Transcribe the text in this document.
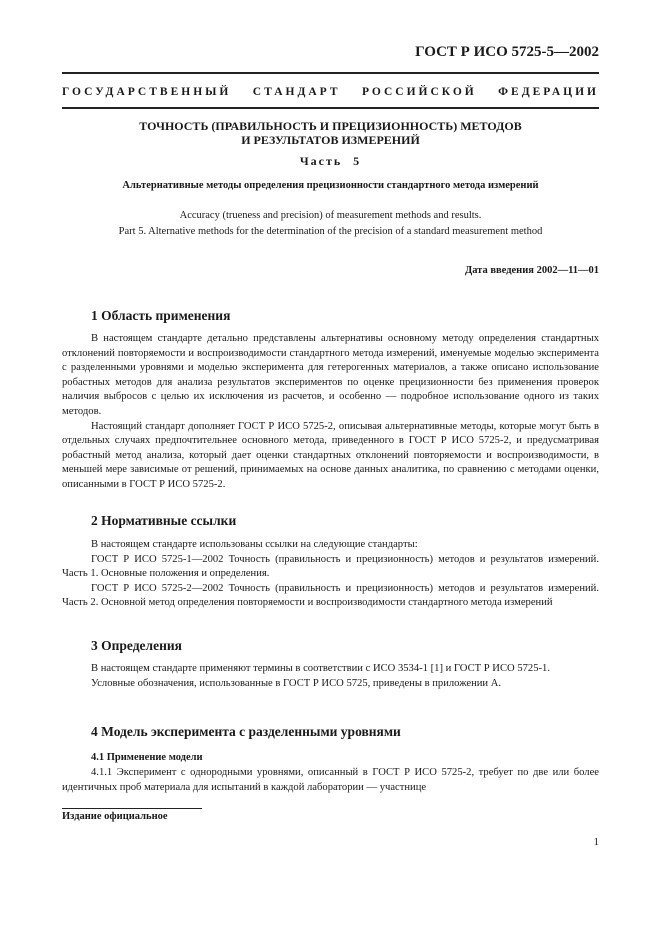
ГОСТ Р ИСО 5725-5—2002
ГОСУДАРСТВЕННЫЙ СТАНДАРТ РОССИЙСКОЙ ФЕДЕРАЦИИ
ТОЧНОСТЬ (ПРАВИЛЬНОСТЬ И ПРЕЦИЗИОННОСТЬ) МЕТОДОВ
И РЕЗУЛЬТАТОВ ИЗМЕРЕНИЙ
Часть 5
Альтернативные методы определения прецизионности стандартного метода измерений
Accuracy (trueness and precision) of measurement methods and results.
Part 5. Alternative methods for the determination of the precision of a standard measurement method
Дата введения 2002—11—01
1 Область применения

В настоящем стандарте детально представлены альтернативы основному методу определения стандартных отклонений повторяемости и воспроизводимости стандартного метода измерений, именуемые моделью эксперимента с разделенными уровнями и моделью эксперимента для гетерогенных материалов, а также описано использование робастных методов для анализа результатов экспериментов по оценке прецизионности без применения проверок наличия выбросов с целью их исключения из расчетов, и особенно — подробное использование одного из таких методов.

Настоящий стандарт дополняет ГОСТ Р ИСО 5725-2, описывая альтернативные методы, которые могут быть в отдельных случаях предпочтительнее основного метода, приведенного в ГОСТ Р ИСО 5725-2, и предусматривая робастный метод анализа, который дает оценки стандартных отклонений повторяемости и воспроизводимости, в меньшей мере зависимые от решений, принимаемых на основе данных аналитика, по сравнению с методами оценки, описанными в ГОСТ Р ИСО 5725-2.

2 Нормативные ссылки

В настоящем стандарте использованы ссылки на следующие стандарты:

ГОСТ Р ИСО 5725-1—2002 Точность (правильность и прецизионность) методов и результатов измерений. Часть 1. Основные положения и определения.

ГОСТ Р ИСО 5725-2—2002 Точность (правильность и прецизионность) методов и результатов измерений. Часть 2. Основной метод определения повторяемости и воспроизводимости стандартного метода измерений

3 Определения

В настоящем стандарте применяют термины в соответствии с ИСО 3534-1 [1] и ГОСТ Р ИСО 5725-1.

Условные обозначения, использованные в ГОСТ Р ИСО 5725, приведены в приложении А.

4 Модель эксперимента с разделенными уровнями
4.1 Применение модели

4.1.1 Эксперимент с однородными уровнями, описанный в ГОСТ Р ИСО 5725-2, требует по две или более идентичных проб материала для испытаний в каждой лаборатории — участнице

Издание официальное
1
